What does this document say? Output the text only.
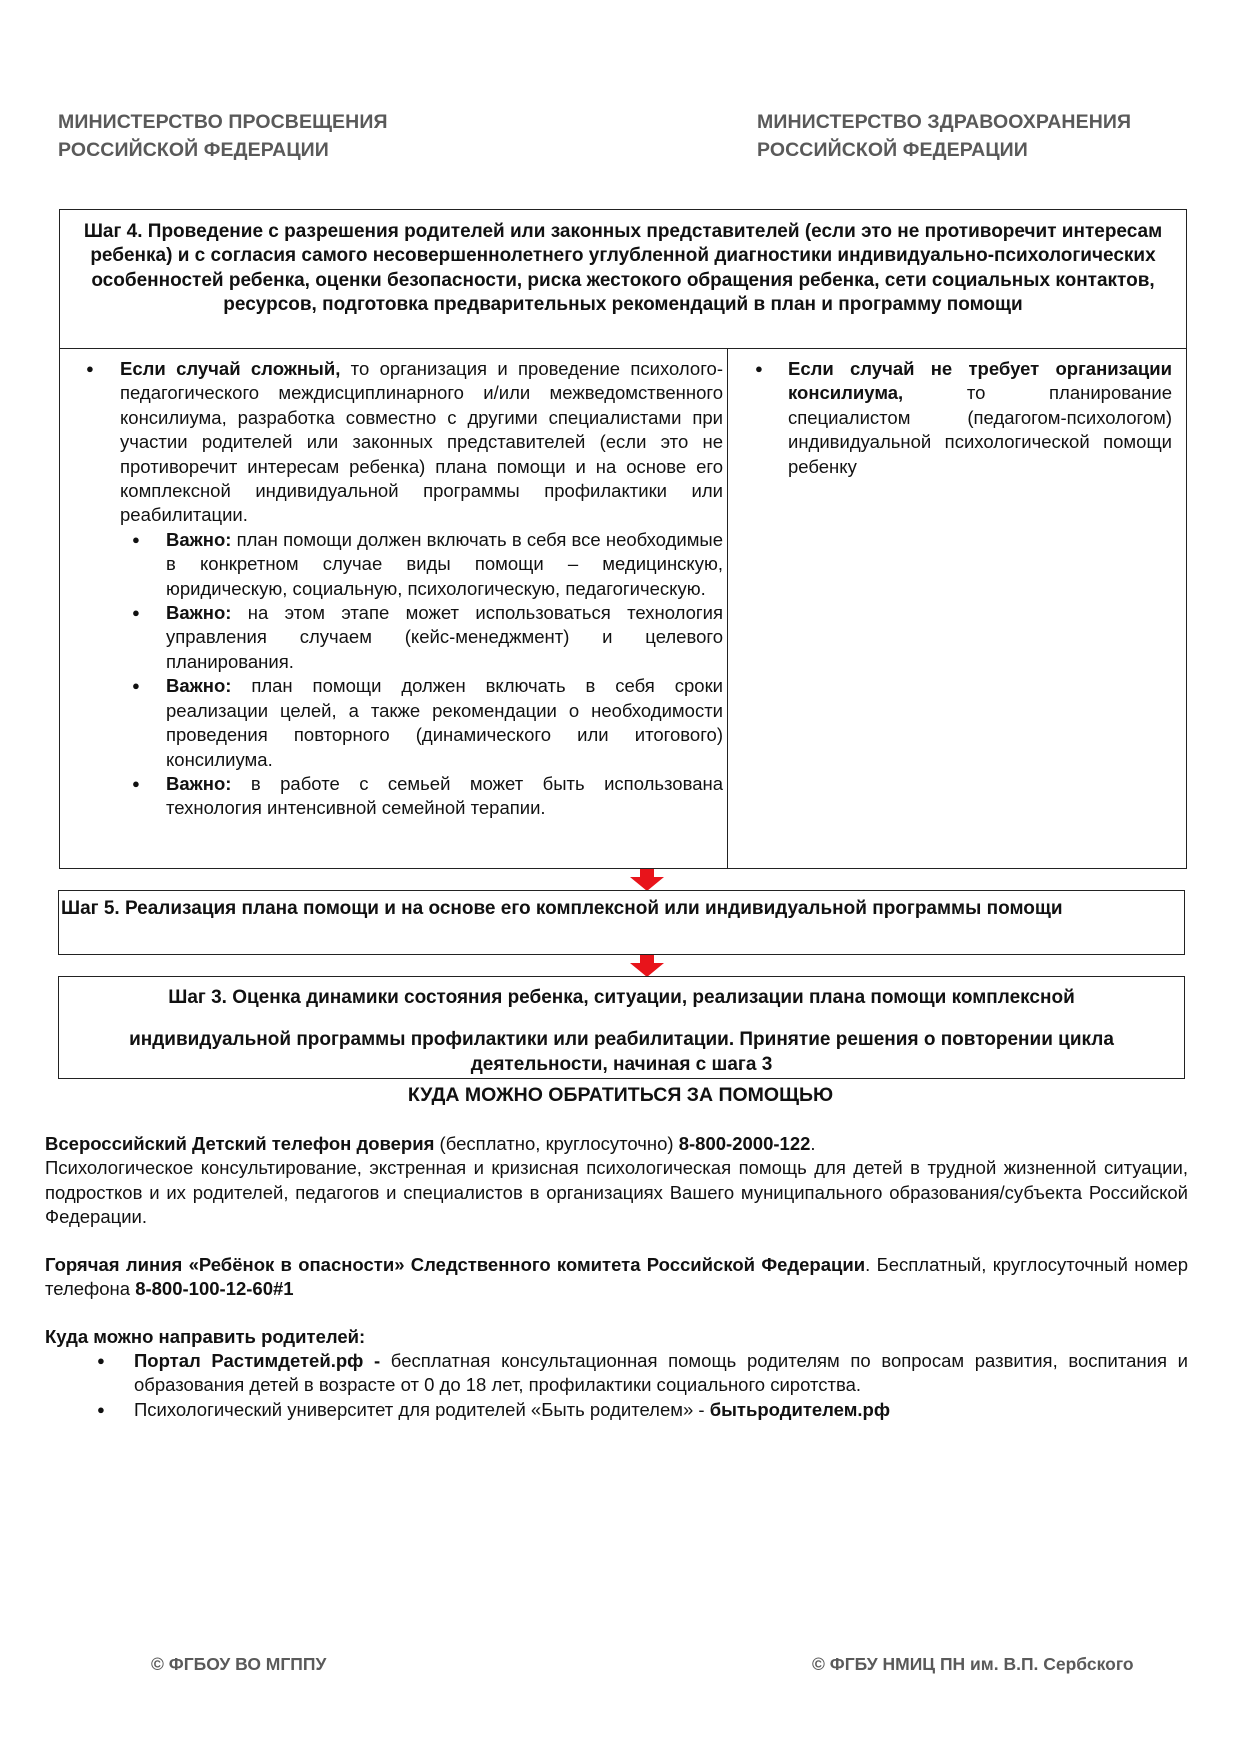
МИНИСТЕРСТВО ПРОСВЕЩЕНИЯ
РОССИЙСКОЙ ФЕДЕРАЦИИ
МИНИСТЕРСТВО ЗДРАВООХРАНЕНИЯ
РОССИЙСКОЙ ФЕДЕРАЦИИ
Шаг 4. Проведение с разрешения родителей или законных представителей (если это не противоречит интересам ребенка) и с согласия самого несовершеннолетнего углубленной диагностики индивидуально-психологических особенностей ребенка, оценки безопасности, риска жестокого обращения ребенка, сети социальных контактов, ресурсов, подготовка предварительных рекомендаций в план и программу помощи
● Если случай сложный, то организация и проведение психолого-педагогического междисциплинарного и/или межведомственного консилиума, разработка совместно с другими специалистами при участии родителей или законных представителей (если это не противоречит интересам ребенка) плана помощи и на основе его комплексной индивидуальной программы профилактики или реабилитации.
● Важно: план помощи должен включать в себя все необходимые в конкретном случае виды помощи – медицинскую, юридическую, социальную, психологическую, педагогическую.
● Важно: на этом этапе может использоваться технология управления случаем (кейс-менеджмент) и целевого планирования.
● Важно: план помощи должен включать в себя сроки реализации целей, а также рекомендации о необходимости проведения повторного (динамического или итогового) консилиума.
● Важно: в работе с семьей может быть использована технология интенсивной семейной терапии.
● Если случай не требует организации консилиума, то планирование специалистом (педагогом-психологом) индивидуальной психологической помощи ребенку
Шаг 5. Реализация плана помощи и на основе его комплексной или индивидуальной программы помощи
Шаг 3. Оценка динамики состояния ребенка, ситуации, реализации плана помощи комплексной
индивидуальной программы профилактики или реабилитации. Принятие решения о повторении цикла деятельности, начиная с шага 3
КУДА МОЖНО ОБРАТИТЬСЯ ЗА ПОМОЩЬЮ
Всероссийский Детский телефон доверия (бесплатно, круглосуточно) 8-800-2000-122.
Психологическое консультирование, экстренная и кризисная психологическая помощь для детей в трудной жизненной ситуации, подростков и их родителей, педагогов и специалистов в организациях Вашего муниципального образования/субъекта Российской Федерации.
Горячая линия «Ребёнок в опасности» Следственного комитета Российской Федерации. Бесплатный, круглосуточный номер телефона 8-800-100-12-60#1
Куда можно направить родителей:
● Портал Растимдетей.рф - бесплатная консультационная помощь родителям по вопросам развития, воспитания и образования детей в возрасте от 0 до 18 лет, профилактики социального сиротства.
● Психологический университет для родителей «Быть родителем» - бытьродителем.рф
© ФГБОУ ВО МГППУ	© ФГБУ НМИЦ ПН им. В.П. Сербского
